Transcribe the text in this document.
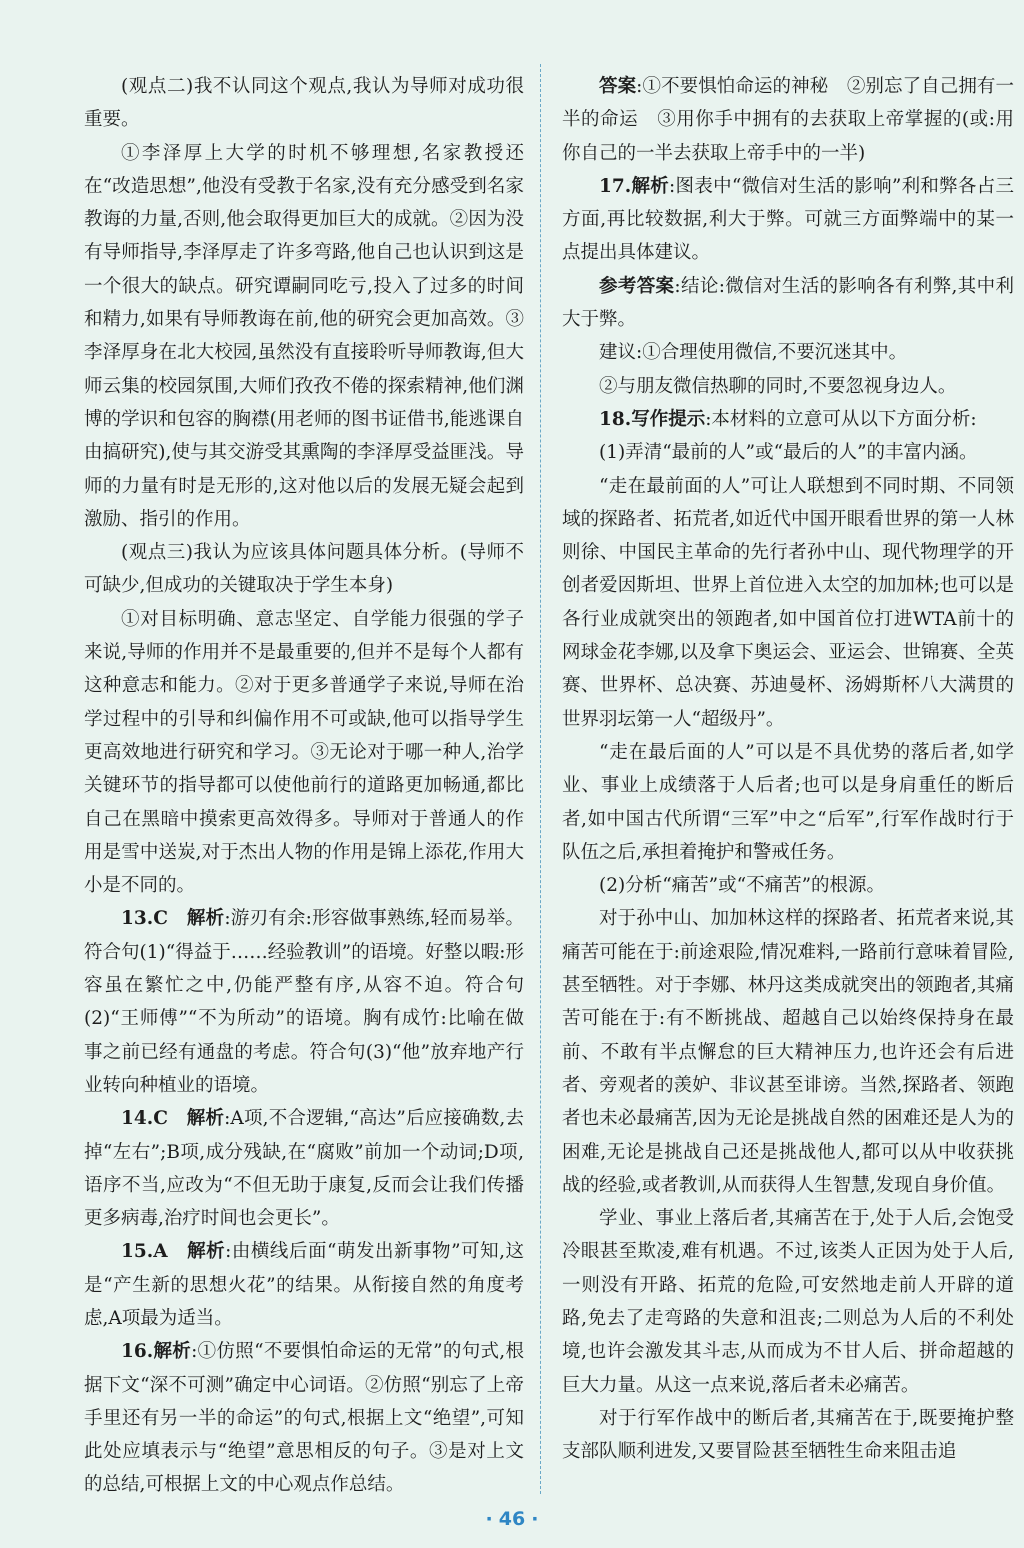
(观点二)我不认同这个观点,我认为导师对成功很重要。

①李泽厚上大学的时机不够理想,名家教授还在“改造思想”,他没有受教于名家,没有充分感受到名家教诲的力量,否则,他会取得更加巨大的成就。②因为没有导师指导,李泽厚走了许多弯路,他自己也认识到这是一个很大的缺点。研究谭嗣同吃亏,投入了过多的时间和精力,如果有导师教诲在前,他的研究会更加高效。③李泽厚身在北大校园,虽然没有直接聆听导师教诲,但大师云集的校园氛围,大师们孜孜不倦的探索精神,他们渊博的学识和包容的胸襟(用老师的图书证借书,能逃课自由搞研究),使与其交游受其熏陶的李泽厚受益匪浅。导师的力量有时是无形的,这对他以后的发展无疑会起到激励、指引的作用。

(观点三)我认为应该具体问题具体分析。(导师不可缺少,但成功的关键取决于学生本身)

①对目标明确、意志坚定、自学能力很强的学子来说,导师的作用并不是最重要的,但并不是每个人都有这种意志和能力。②对于更多普通学子来说,导师在治学过程中的引导和纠偏作用不可或缺,他可以指导学生更高效地进行研究和学习。③无论对于哪一种人,治学关键环节的指导都可以使他前行的道路更加畅通,都比自己在黑暗中摸索更高效得多。导师对于普通人的作用是雪中送炭,对于杰出人物的作用是锦上添花,作用大小是不同的。

13.C　 解析:游刃有余:形容做事熟练,轻而易举。符合句(1)“得益于……经验教训”的语境。好整以暇:形容虽在繁忙之中,仍能严整有序,从容不迫。符合句(2)“王师傅”“不为所动”的语境。胸有成竹:比喻在做事之前已经有通盘的考虑。符合句(3)“他”放弃地产行业转向种植业的语境。

14.C　 解析:A项,不合逻辑,“高达”后应接确数,去掉“左右”;B项,成分残缺,在“腐败”前加一个动词;D项,语序不当,应改为“不但无助于康复,反而会让我们传播更多病毒,治疗时间也会更长”。

15.A　 解析:由横线后面“萌发出新事物”可知,这是“产生新的思想火花”的结果。从衔接自然的角度考虑,A项最为适当。

16.解析:①仿照“不要惧怕命运的无常”的句式,根据下文“深不可测”确定中心词语。②仿照“别忘了上帝手里还有另一半的命运”的句式,根据上文“绝望”,可知此处应填表示与“绝望”意思相反的句子。③是对上文的总结,可根据上文的中心观点作总结。

答案:①不要惧怕命运的神秘　②别忘了自己拥有一半的命运　③用你手中拥有的去获取上帝掌握的(或:用你自己的一半去获取上帝手中的一半)

17.解析:图表中“微信对生活的影响”利和弊各占三方面,再比较数据,利大于弊。可就三方面弊端中的某一点提出具体建议。

参考答案:结论:微信对生活的影响各有利弊,其中利大于弊。

建议:①合理使用微信,不要沉迷其中。

②与朋友微信热聊的同时,不要忽视身边人。

18.写作提示:本材料的立意可从以下方面分析:

(1)弄清“最前的人”或“最后的人”的丰富内涵。

“走在最前面的人”可让人联想到不同时期、不同领域的探路者、拓荒者,如近代中国开眼看世界的第一人林则徐、中国民主革命的先行者孙中山、现代物理学的开创者爱因斯坦、世界上首位进入太空的加加林;也可以是各行业成就突出的领跑者,如中国首位打进WTA前十的网球金花李娜,以及拿下奥运会、亚运会、世锦赛、全英赛、世界杯、总决赛、苏迪曼杯、汤姆斯杯八大满贯的世界羽坛第一人“超级丹”。

“走在最后面的人”可以是不具优势的落后者,如学业、事业上成绩落于人后者;也可以是身肩重任的断后者,如中国古代所谓“三军”中之“后军”,行军作战时行于队伍之后,承担着掩护和警戒任务。

(2)分析“痛苦”或“不痛苦”的根源。

对于孙中山、加加林这样的探路者、拓荒者来说,其痛苦可能在于:前途艰险,情况难料,一路前行意味着冒险,甚至牺牲。对于李娜、林丹这类成就突出的领跑者,其痛苦可能在于:有不断挑战、超越自己以始终保持身在最前、不敢有半点懈怠的巨大精神压力,也许还会有后进者、旁观者的羡妒、非议甚至诽谤。当然,探路者、领跑者也未必最痛苦,因为无论是挑战自然的困难还是人为的困难,无论是挑战自己还是挑战他人,都可以从中收获挑战的经验,或者教训,从而获得人生智慧,发现自身价值。

学业、事业上落后者,其痛苦在于,处于人后,会饱受冷眼甚至欺凌,难有机遇。不过,该类人正因为处于人后,一则没有开路、拓荒的危险,可安然地走前人开辟的道路,免去了走弯路的失意和沮丧;二则总为人后的不利处境,也许会激发其斗志,从而成为不甘人后、拼命超越的巨大力量。从这一点来说,落后者未必痛苦。

对于行军作战中的断后者,其痛苦在于,既要掩护整支部队顺利进发,又要冒险甚至牺牲生命来阻击追

· 46 ·
